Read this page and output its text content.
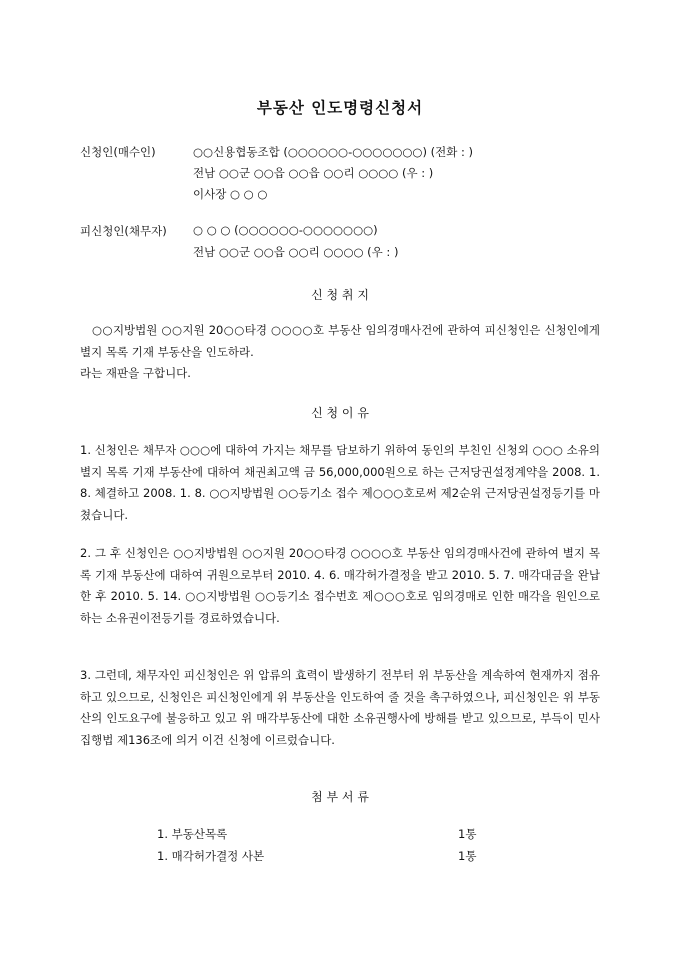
부동산 인도명령신청서
신청인(매수인)	○○신용협동조합 (○○○○○○-○○○○○○○) (전화 : )
전남 ○○군 ○○읍 ○○읍 ○○리 ○○○○ (우 : )
이사장 ○ ○ ○
피신청인(채무자) ○ ○ ○ (○○○○○○-○○○○○○○)
전남 ○○군 ○○읍 ○○리 ○○○○ (우 : )
신 청 취 지
○○지방법원 ○○지원 20○○타경 ○○○○호 부동산 임의경매사건에 관하여 피신청인은 신청인에게 별지 목록 기재 부동산을 인도하라.
라는 재판을 구합니다.
신 청 이 유
1. 신청인은 채무자 ○○○에 대하여 가지는 채무를 담보하기 위하여 동인의 부친인 신청외 ○○○ 소유의 별지 목록 기재 부동산에 대하여 채권최고액 금 56,000,000원으로 하는 근저당권설정계약을 2008. 1. 8. 체결하고 2008. 1. 8. ○○지방법원 ○○등기소 접수 제○○○호로써 제2순위 근저당권설정등기를 마쳤습니다.
2. 그 후 신청인은 ○○지방법원 ○○지원 20○○타경 ○○○○호 부동산 임의경매사건에 관하여 별지 목록 기재 부동산에 대하여 귀원으로부터 2010. 4. 6. 매각허가결정을 받고 2010. 5. 7. 매각대금을 완납한 후 2010. 5. 14. ○○지방법원 ○○등기소 접수번호 제○○○호로 임의경매로 인한 매각을 원인으로 하는 소유권이전등기를 경료하였습니다.
3. 그런데, 채무자인 피신청인은 위 압류의 효력이 발생하기 전부터 위 부동산을 계속하여 현재까지 점유하고 있으므로, 신청인은 피신청인에게 위 부동산을 인도하여 줄 것을 촉구하였으나, 피신청인은 위 부동산의 인도요구에 불응하고 있고 위 매각부동산에 대한 소유권행사에 방해를 받고 있으므로, 부득이 민사집행법 제136조에 의거 이건 신청에 이르렀습니다.
첨 부 서 류
1. 부동산목록	1통
1. 매각허가결정 사본	1통
